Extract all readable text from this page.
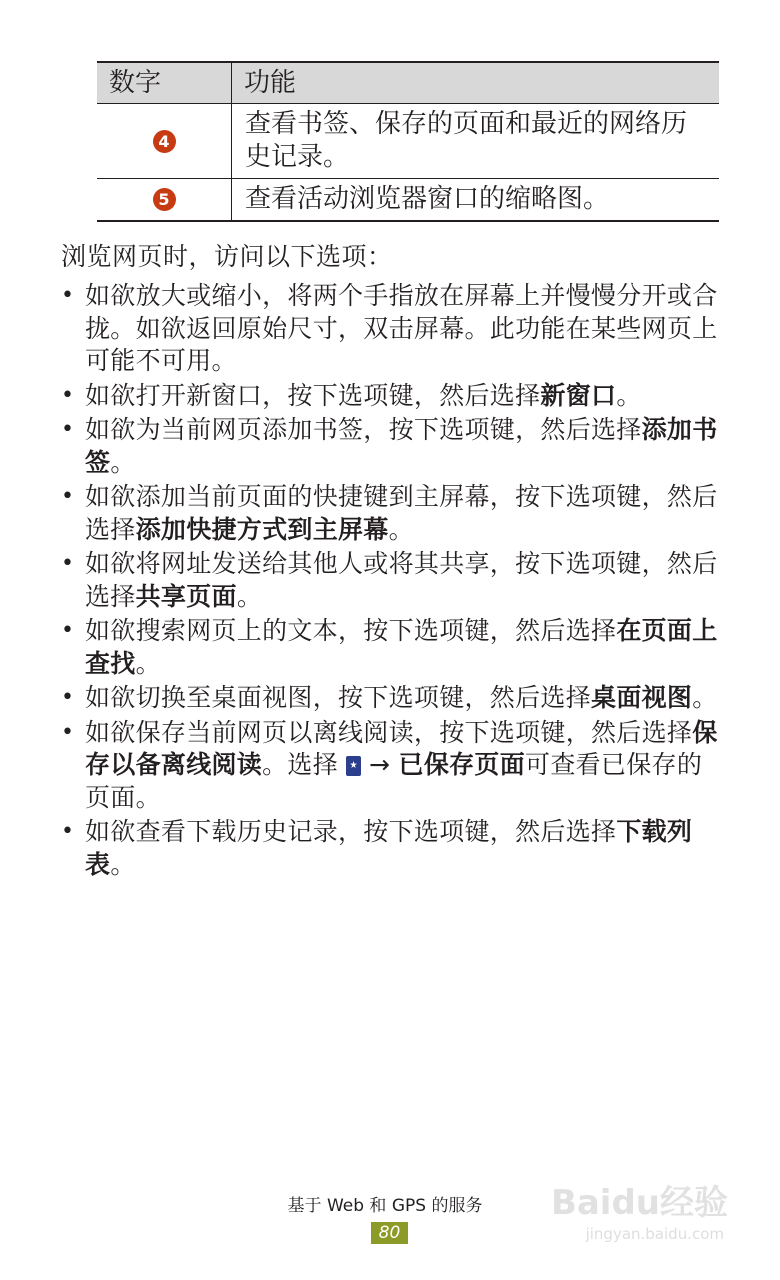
数字	功能
4	查看书签、保存的页面和最近的网络历史记录。
5	查看活动浏览器窗口的缩略图。

浏览网页时，访问以下选项：

• 如欲放大或缩小，将两个手指放在屏幕上并慢慢分开或合拢。如欲返回原始尺寸，双击屏幕。此功能在某些网页上可能不可用。
• 如欲打开新窗口，按下选项键，然后选择新窗口。
• 如欲为当前网页添加书签，按下选项键，然后选择添加书签。
• 如欲添加当前页面的快捷键到主屏幕，按下选项键，然后选择添加快捷方式到主屏幕。
• 如欲将网址发送给其他人或将其共享，按下选项键，然后选择共享页面。
• 如欲搜索网页上的文本，按下选项键，然后选择在页面上查找。
• 如欲切换至桌面视图，按下选项键，然后选择桌面视图。
• 如欲保存当前网页以离线阅读，按下选项键，然后选择保存以备离线阅读。选择 → 已保存页面可查看已保存的页面。
• 如欲查看下载历史记录，按下选项键，然后选择下载列表。
基于 Web 和 GPS 的服务
80
Baidu经验
jingyan.baidu.com
